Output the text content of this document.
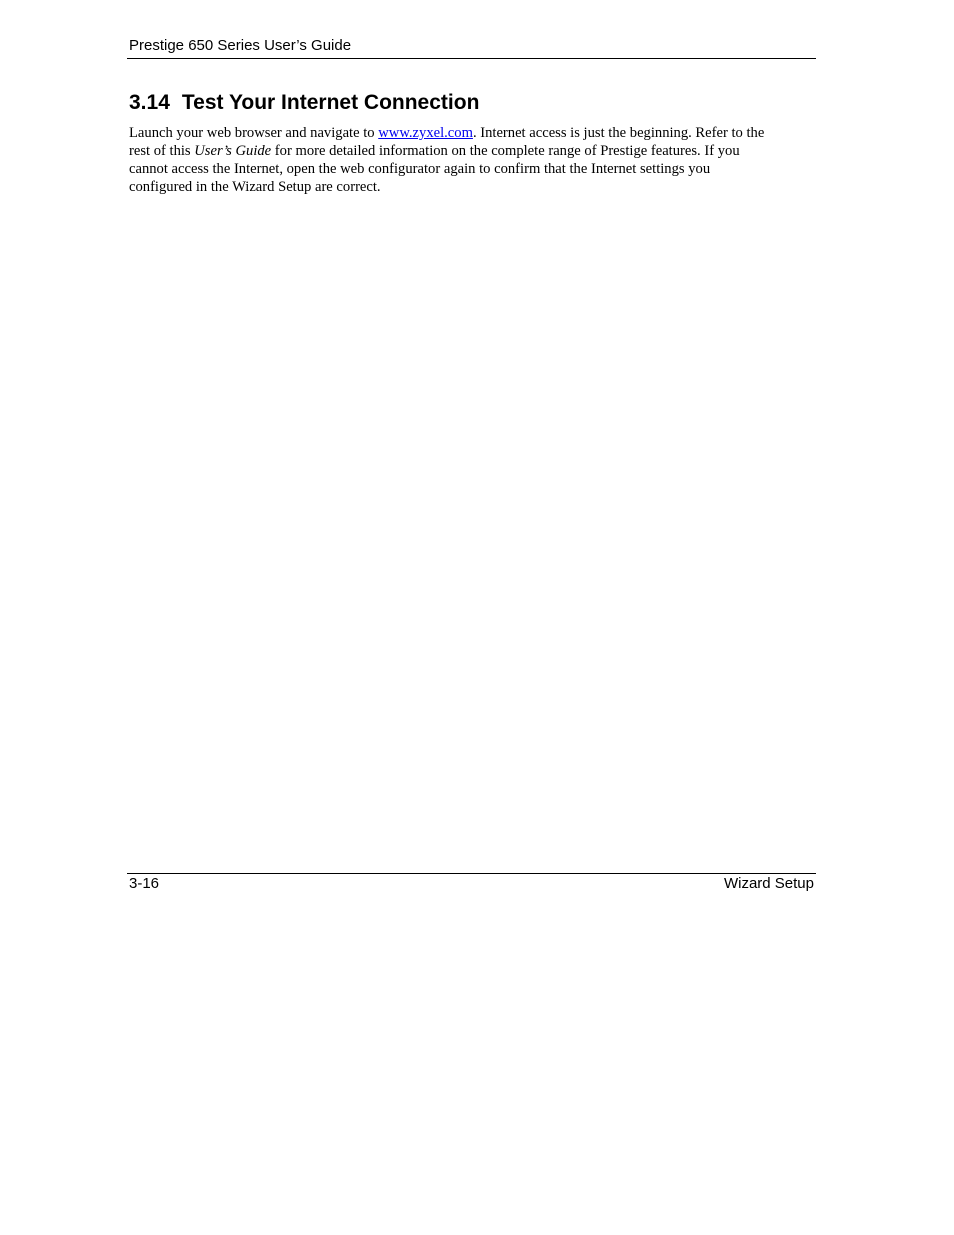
Prestige 650 Series User’s Guide
3.14 Test Your Internet Connection

Launch your web browser and navigate to www.zyxel.com. Internet access is just the beginning. Refer to the
rest of this User’s Guide for more detailed information on the complete range of Prestige features. If you
cannot access the Internet, open the web configurator again to confirm that the Internet settings you
configured in the Wizard Setup are correct.

3-16	Wizard Setup
